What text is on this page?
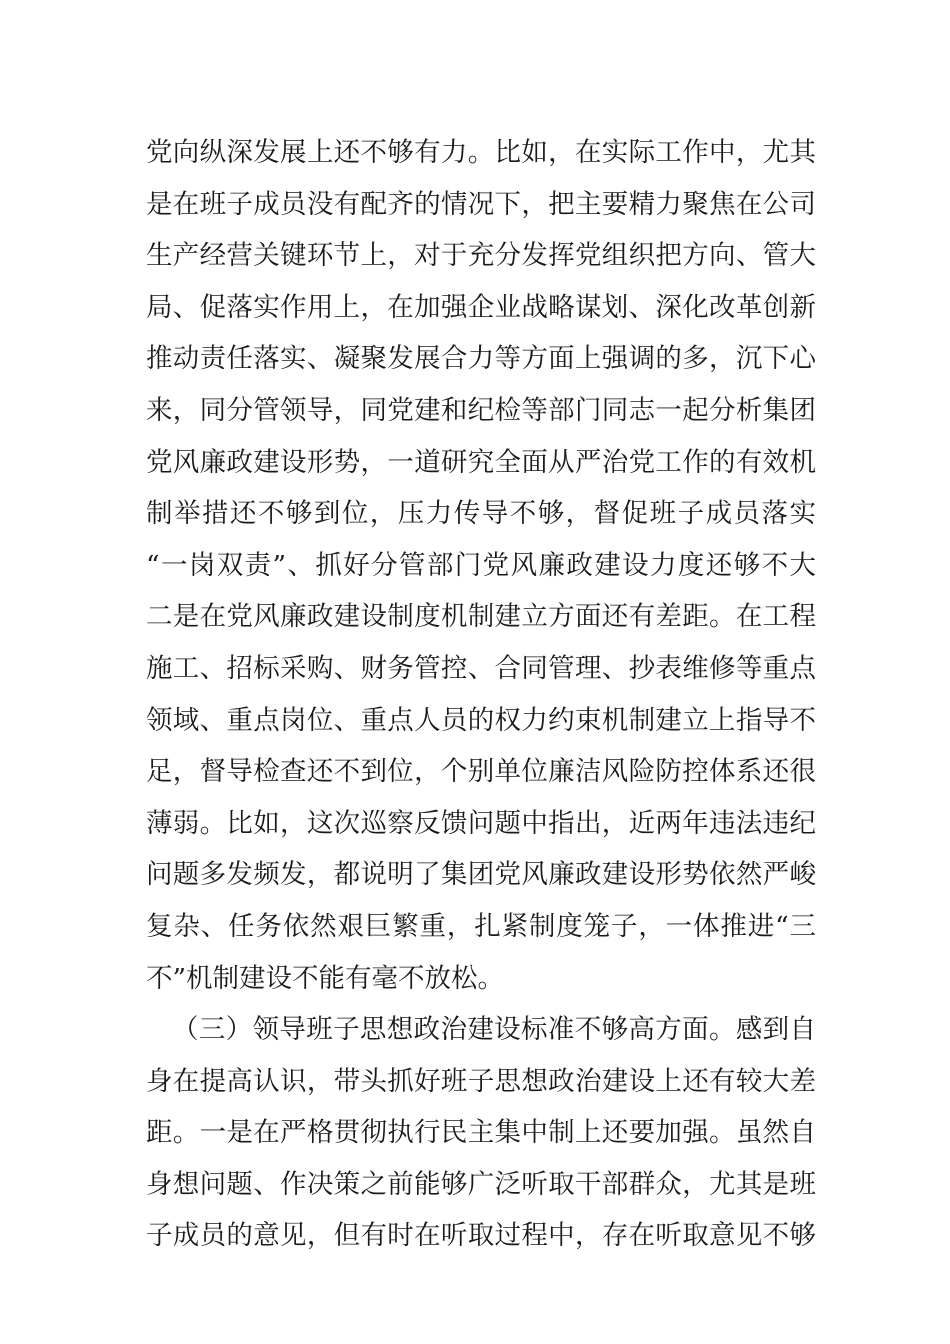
党向纵深发展上还不够有力。比如，在实际工作中，尤其
是在班子成员没有配齐的情况下，把主要精力聚焦在公司
生产经营关键环节上，对于充分发挥党组织把方向、管大
局、促落实作用上，在加强企业战略谋划、深化改革创新
推动责任落实、凝聚发展合力等方面上强调的多，沉下心
来，同分管领导，同党建和纪检等部门同志一起分析集团
党风廉政建设形势，一道研究全面从严治党工作的有效机
制举措还不够到位，压力传导不够，督促班子成员落实
“一岗双责”、抓好分管部门党风廉政建设力度还够不大
二是在党风廉政建设制度机制建立方面还有差距。在工程
施工、招标采购、财务管控、合同管理、抄表维修等重点
领域、重点岗位、重点人员的权力约束机制建立上指导不
足，督导检查还不到位，个别单位廉洁风险防控体系还很
薄弱。比如，这次巡察反馈问题中指出，近两年违法违纪
问题多发频发，都说明了集团党风廉政建设形势依然严峻
复杂、任务依然艰巨繁重，扎紧制度笼子，一体推进“三
不”机制建设不能有毫不放松。
（三）领导班子思想政治建设标准不够高方面。感到自
身在提高认识，带头抓好班子思想政治建设上还有较大差
距。一是在严格贯彻执行民主集中制上还要加强。虽然自
身想问题、作决策之前能够广泛听取干部群众，尤其是班
子成员的意见，但有时在听取过程中，存在听取意见不够
